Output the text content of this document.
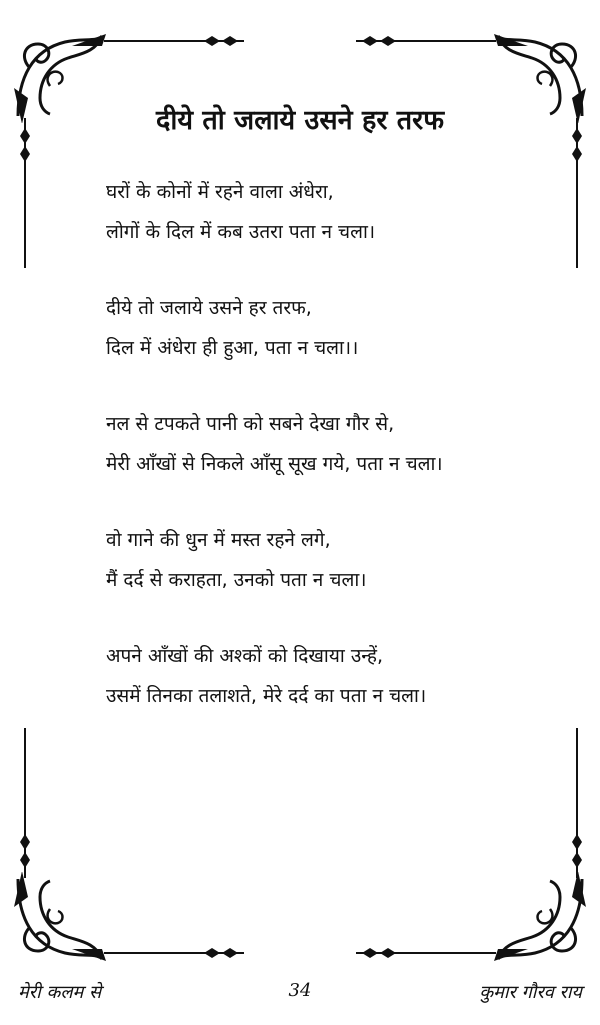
दीये तो जलाये उसने हर तरफ
घरों के कोनों में रहने वाला अंधेरा,
लोगों के दिल में कब उतरा पता न चला।
दीये तो जलाये उसने हर तरफ,
दिल में अंधेरा ही हुआ, पता न चला।।
नल से टपकते पानी को सबने देखा गौर से,
मेरी आँखों से निकले आँसू सूख गये, पता न चला।
वो गाने की धुन में मस्त रहने लगे,
मैं दर्द से कराहता, उनको पता न चला।
अपने आँखों की अश्कों को दिखाया उन्हें,
उसमें तिनका तलाशते, मेरे दर्द का पता न चला।
मेरी कलम से	34	कुमार गौरव राय
